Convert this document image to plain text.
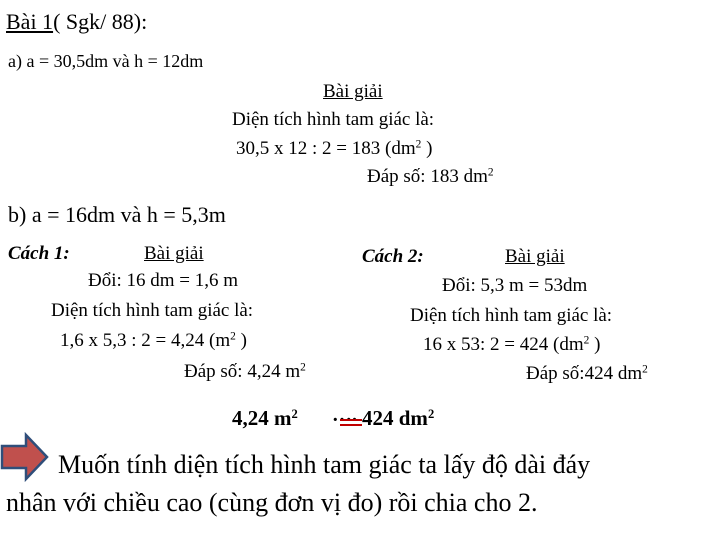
Bài 1( Sgk/ 88):
a) a = 30,5dm và h = 12dm
Bài giải
Diện tích hình tam giác là:
30,5 x 12 : 2 = 183 ($dm^2$ )
Đáp số: 183 $dm^2$
b) a = 16dm và h = 5,3m
Cách 1:	Bài giải
Đổi: 16 dm = 1,6 m
Diện tích hình tam giác là:
1,6 x 5,3 : 2 = 4,24 ($m^2$ )
Đáp số: 4,24 $m^2$
Cách 2:	Bài giải
Đổi: 5,3 m = 53dm
Diện tích hình tam giác là:
16 x 53: 2 = 424 ($dm^2$ )
Đáp số:424 $dm^2$
4,24 $m^2$ …. 424 $dm^2$
Muốn tính diện tích hình tam giác ta lấy độ dài đáy
nhân với chiều cao (cùng đơn vị đo) rồi chia cho 2.
